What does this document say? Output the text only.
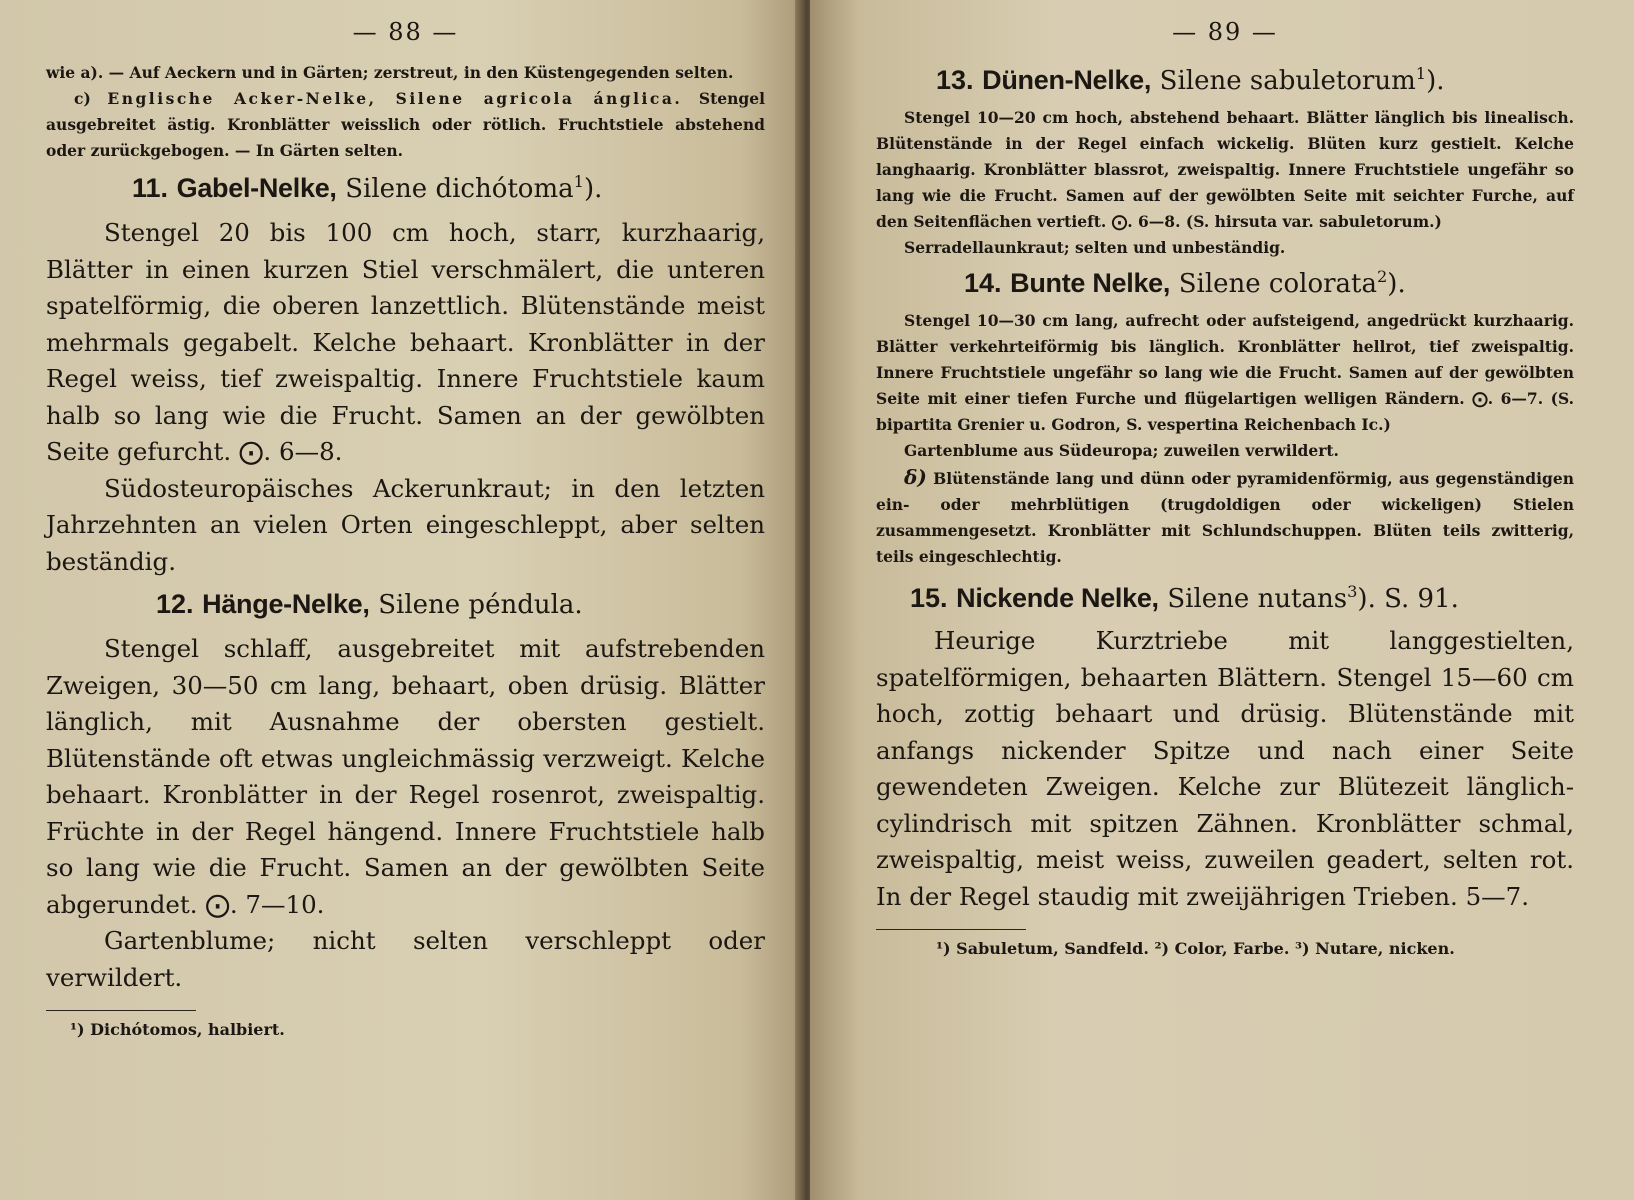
— 88 —

wie a). — Auf Aeckern und in Gärten; zerstreut, in den Küstengegenden selten.

c) Englische Acker-Nelke, Silene agricola ánglica. Stengel ausgebreitet ästig. Kronblätter weisslich oder rötlich. Fruchtstiele abstehend oder zurückgebogen. — In Gärten selten.

11. Gabel-Nelke, Silene dichótoma$^1$).

Stengel 20 bis 100 cm hoch, starr, kurzhaarig, Blätter in einen kurzen Stiel verschmälert, die unteren spatelförmig, die oberen lanzettlich. Blütenstände meist mehrmals gegabelt. Kelche behaart. Kronblätter in der Regel weiss, tief zweispaltig. Innere Fruchtstiele kaum halb so lang wie die Frucht. Samen an der gewölbten Seite gefurcht. ⨀. 6—8.

Südosteuropäisches Ackerunkraut; in den letzten Jahrzehnten an vielen Orten eingeschleppt, aber selten beständig.

12. Hänge-Nelke, Silene péndula.

Stengel schlaff, ausgebreitet mit aufstrebenden Zweigen, 30—50 cm lang, behaart, oben drüsig. Blätter länglich, mit Ausnahme der obersten gestielt. Blütenstände oft etwas ungleichmässig verzweigt. Kelche behaart. Kronblätter in der Regel rosenrot, zweispaltig. Früchte in der Regel hängend. Innere Fruchtstiele halb so lang wie die Frucht. Samen an der gewölbten Seite abgerundet. ⨀. 7—10.

Gartenblume; nicht selten verschleppt oder verwildert.

¹) Dichótomos, halbiert.

— 89 —
13. Dünen-Nelke, Silene sabuletorum$^1$).

Stengel 10—20 cm hoch, abstehend behaart. Blätter länglich bis linealisch. Blütenstände in der Regel einfach wickelig. Blüten kurz gestielt. Kelche langhaarig. Kronblätter blassrot, zweispaltig. Innere Fruchtstiele ungefähr so lang wie die Frucht. Samen auf der gewölbten Seite mit seichter Furche, auf den Seitenflächen vertieft. ⨀. 6—8. (S. hirsuta var. sabuletorum.)

Serradellaunkraut; selten und unbeständig.

14. Bunte Nelke, Silene colorata$^2$).

Stengel 10—30 cm lang, aufrecht oder aufsteigend, angedrückt kurzhaarig. Blätter verkehrteiförmig bis länglich. Kronblätter hellrot, tief zweispaltig. Innere Fruchtstiele ungefähr so lang wie die Frucht. Samen auf der gewölbten Seite mit einer tiefen Furche und flügelartigen welligen Rändern. ⨀. 6—7. (S. bipartita Grenier u. Godron, S. vespertina Reichenbach Ic.)

Gartenblume aus Südeuropa; zuweilen verwildert.

δ) Blütenstände lang und dünn oder pyramidenförmig, aus gegenständigen ein- oder mehrblütigen (trugdoldigen oder wickeligen) Stielen zusammengesetzt. Kronblätter mit Schlundschuppen. Blüten teils zwitterig, teils eingeschlechtig.

15. Nickende Nelke, Silene nutans$^3$). S. 91.

Heurige Kurztriebe mit langgestielten, spatelförmigen, behaarten Blättern. Stengel 15—60 cm hoch, zottig behaart und drüsig. Blütenstände mit anfangs nickender Spitze und nach einer Seite gewendeten Zweigen. Kelche zur Blütezeit länglich-cylindrisch mit spitzen Zähnen. Kronblätter schmal, zweispaltig, meist weiss, zuweilen geadert, selten rot. In der Regel staudig mit zweijährigen Trieben. 5—7.

¹) Sabuletum, Sandfeld. ²) Color, Farbe. ³) Nutare, nicken.
